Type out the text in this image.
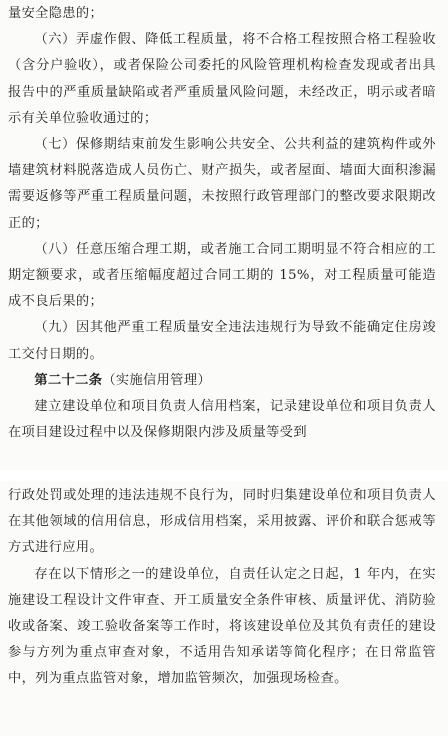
量安全隐患的；

（六）弄虚作假、降低工程质量，将不合格工程按照合格工程验收（含分户验收），或者保险公司委托的风险管理机构检查发现或者出具报告中的严重质量缺陷或者严重质量风险问题，未经改正，明示或者暗示有关单位验收通过的；

（七）保修期结束前发生影响公共安全、公共利益的建筑构件或外墙建筑材料脱落造成人员伤亡、财产损失，或者屋面、墙面大面积渗漏需要返修等严重工程质量问题，未按照行政管理部门的整改要求限期改正的；

（八）任意压缩合理工期，或者施工合同工期明显不符合相应的工期定额要求，或者压缩幅度超过合同工期的 15%，对工程质量可能造成不良后果的；

（九）因其他严重工程质量安全违法违规行为导致不能确定住房竣工交付日期的。

第二十二条（实施信用管理）

建立建设单位和项目负责人信用档案，记录建设单位和项目负责人在项目建设过程中以及保修期限内涉及质量等受到

行政处罚或处理的违法违规不良行为，同时归集建设单位和项目负责人在其他领域的信用信息，形成信用档案，采用披露、评价和联合惩戒等方式进行应用。

存在以下情形之一的建设单位，自责任认定之日起，1 年内，在实施建设工程设计文件审查、开工质量安全条件审核、质量评优、消防验收或备案、竣工验收备案等工作时，将该建设单位及其负有责任的建设参与方列为重点审查对象，不适用告知承诺等简化程序；在日常监管中，列为重点监管对象，增加监管频次，加强现场检查。
